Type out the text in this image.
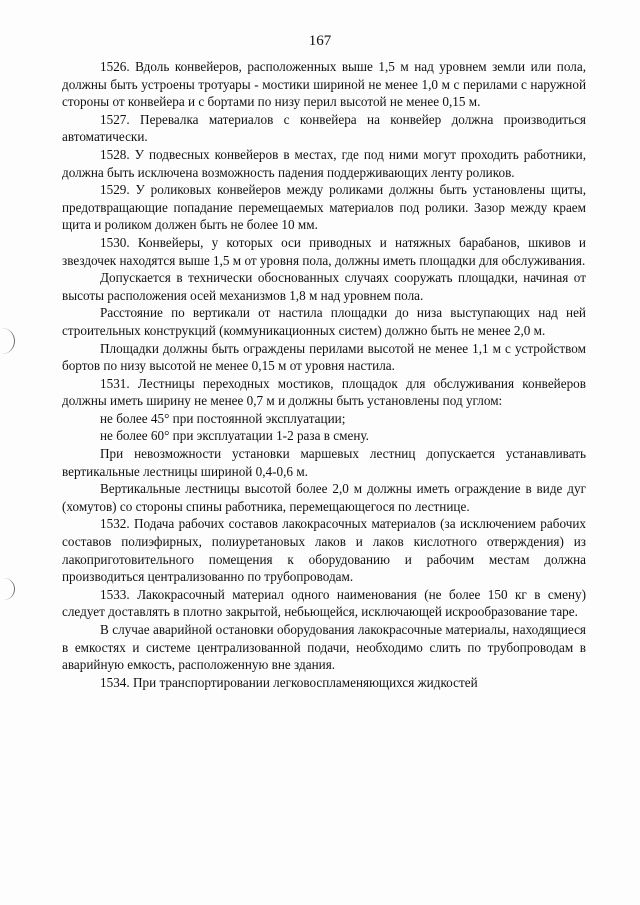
167

1526. Вдоль конвейеров, расположенных выше 1,5 м над уровнем земли или пола, должны быть устроены тротуары - мостики шириной не менее 1,0 м с перилами с наружной стороны от конвейера и с бортами по низу перил высотой не менее 0,15 м.

1527. Перевалка материалов с конвейера на конвейер должна производиться автоматически.

1528. У подвесных конвейеров в местах, где под ними могут проходить работники, должна быть исключена возможность падения поддерживающих ленту роликов.

1529. У роликовых конвейеров между роликами должны быть установлены щиты, предотвращающие попадание перемещаемых материалов под ролики. Зазор между краем щита и роликом должен быть не более 10 мм.

1530. Конвейеры, у которых оси приводных и натяжных барабанов, шкивов и звездочек находятся выше 1,5 м от уровня пола, должны иметь площадки для обслуживания.

Допускается в технически обоснованных случаях сооружать площадки, начиная от высоты расположения осей механизмов 1,8 м над уровнем пола.

Расстояние по вертикали от настила площадки до низа выступающих над ней строительных конструкций (коммуникационных систем) должно быть не менее 2,0 м.

Площадки должны быть ограждены перилами высотой не менее 1,1 м с устройством бортов по низу высотой не менее 0,15 м от уровня настила.

1531. Лестницы переходных мостиков, площадок для обслуживания конвейеров должны иметь ширину не менее 0,7 м и должны быть установлены под углом:

не более 45° при постоянной эксплуатации;

не более 60° при эксплуатации 1-2 раза в смену.

При невозможности установки маршевых лестниц допускается устанавливать вертикальные лестницы шириной 0,4-0,6 м.

Вертикальные лестницы высотой более 2,0 м должны иметь ограждение в виде дуг (хомутов) со стороны спины работника, перемещающегося по лестнице.

1532. Подача рабочих составов лакокрасочных материалов (за исключением рабочих составов полиэфирных, полиуретановых лаков и лаков кислотного отверждения) из лакоприготовительного помещения к оборудованию и рабочим местам должна производиться централизованно по трубопроводам.

1533. Лакокрасочный материал одного наименования (не более 150 кг в смену) следует доставлять в плотно закрытой, небьющейся, исключающей искрообразование таре.

В случае аварийной остановки оборудования лакокрасочные материалы, находящиеся в емкостях и системе централизованной подачи, необходимо слить по трубопроводам в аварийную емкость, расположенную вне здания.

1534. При транспортировании легковоспламеняющихся жидкостей
